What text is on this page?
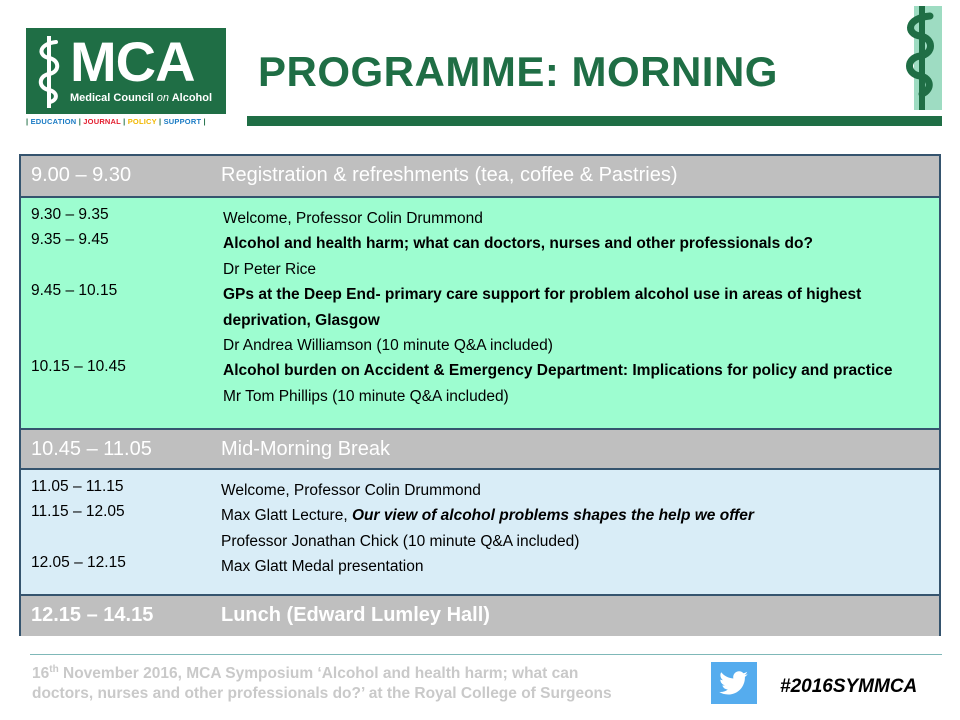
MCA
Medical Council on Alcohol
| EDUCATION | JOURNAL | POLICY | SUPPORT |
PROGRAMME: MORNING
9.00 – 9.30	Registration & refreshments (tea, coffee & Pastries)
9.30 – 9.35	Welcome, Professor Colin Drummond
9.35 – 9.45	Alcohol and health harm; what can doctors, nurses and other professionals do?
Dr Peter Rice
9.45 – 10.15	GPs at the Deep End- primary care support for problem alcohol use in areas of highest deprivation, Glasgow
Dr Andrea Williamson (10 minute Q&A included)
10.15 – 10.45	Alcohol burden on Accident & Emergency Department: Implications for policy and practice    Mr Tom Phillips (10 minute Q&A included)
10.45 – 11.05	Mid-Morning Break
11.05 – 11.15	Welcome, Professor Colin Drummond
11.15 – 12.05	Max Glatt Lecture, Our view of alcohol problems shapes the help we offer
Professor Jonathan Chick (10 minute Q&A included)
12.05 – 12.15	Max Glatt Medal presentation
12.15 – 14.15	Lunch (Edward Lumley Hall)
16th November 2016, MCA Symposium ‘Alcohol and health harm; what can
doctors, nurses and other professionals do?’ at the Royal College of Surgeons	#2016SYMMCA
